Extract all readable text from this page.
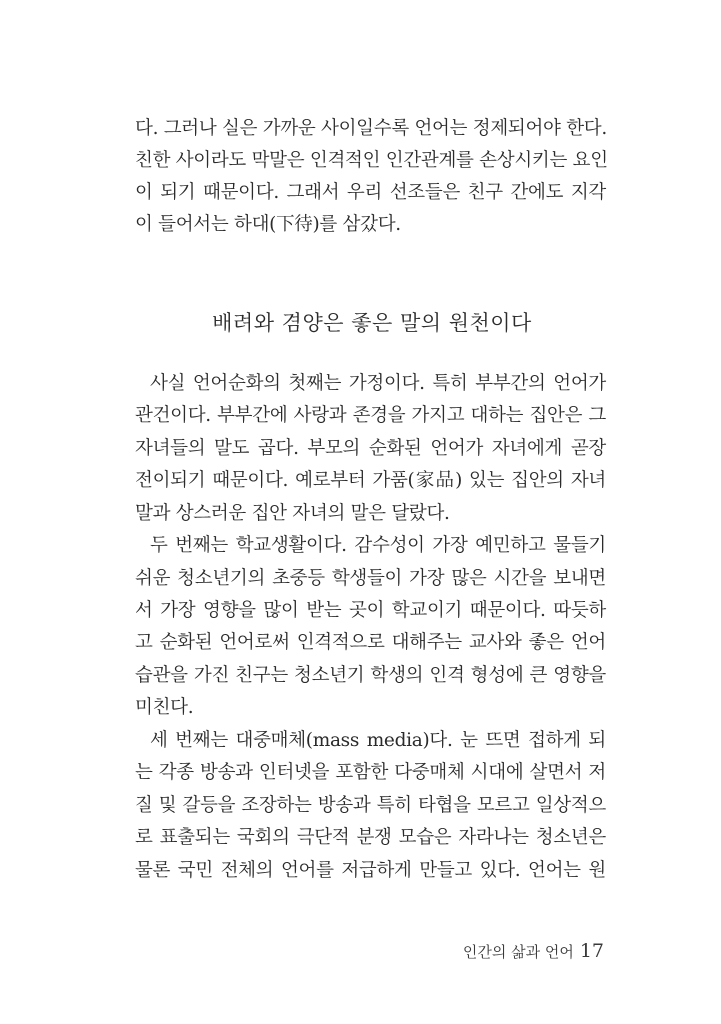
다. 그러나 실은 가까운 사이일수록 언어는 정제되어야 한다.
친한 사이라도 막말은 인격적인 인간관계를 손상시키는 요인
이 되기 때문이다. 그래서 우리 선조들은 친구 간에도 지각
이 들어서는 하대(下待)를 삼갔다.
배려와 겸양은 좋은 말의 원천이다
사실 언어순화의 첫째는 가정이다. 특히 부부간의 언어가
관건이다. 부부간에 사랑과 존경을 가지고 대하는 집안은 그
자녀들의 말도 곱다. 부모의 순화된 언어가 자녀에게 곧장
전이되기 때문이다. 예로부터 가품(家品) 있는 집안의 자녀
말과 상스러운 집안 자녀의 말은 달랐다.
두 번째는 학교생활이다. 감수성이 가장 예민하고 물들기
쉬운 청소년기의 초중등 학생들이 가장 많은 시간을 보내면
서 가장 영향을 많이 받는 곳이 학교이기 때문이다. 따듯하
고 순화된 언어로써 인격적으로 대해주는 교사와 좋은 언어
습관을 가진 친구는 청소년기 학생의 인격 형성에 큰 영향을
미친다.
세 번째는 대중매체(mass media)다. 눈 뜨면 접하게 되
는 각종 방송과 인터넷을 포함한 다중매체 시대에 살면서 저
질 및 갈등을 조장하는 방송과 특히 타협을 모르고 일상적으
로 표출되는 국회의 극단적 분쟁 모습은 자라나는 청소년은
물론 국민 전체의 언어를 저급하게 만들고 있다. 언어는 원
인간의 삶과 언어 17
